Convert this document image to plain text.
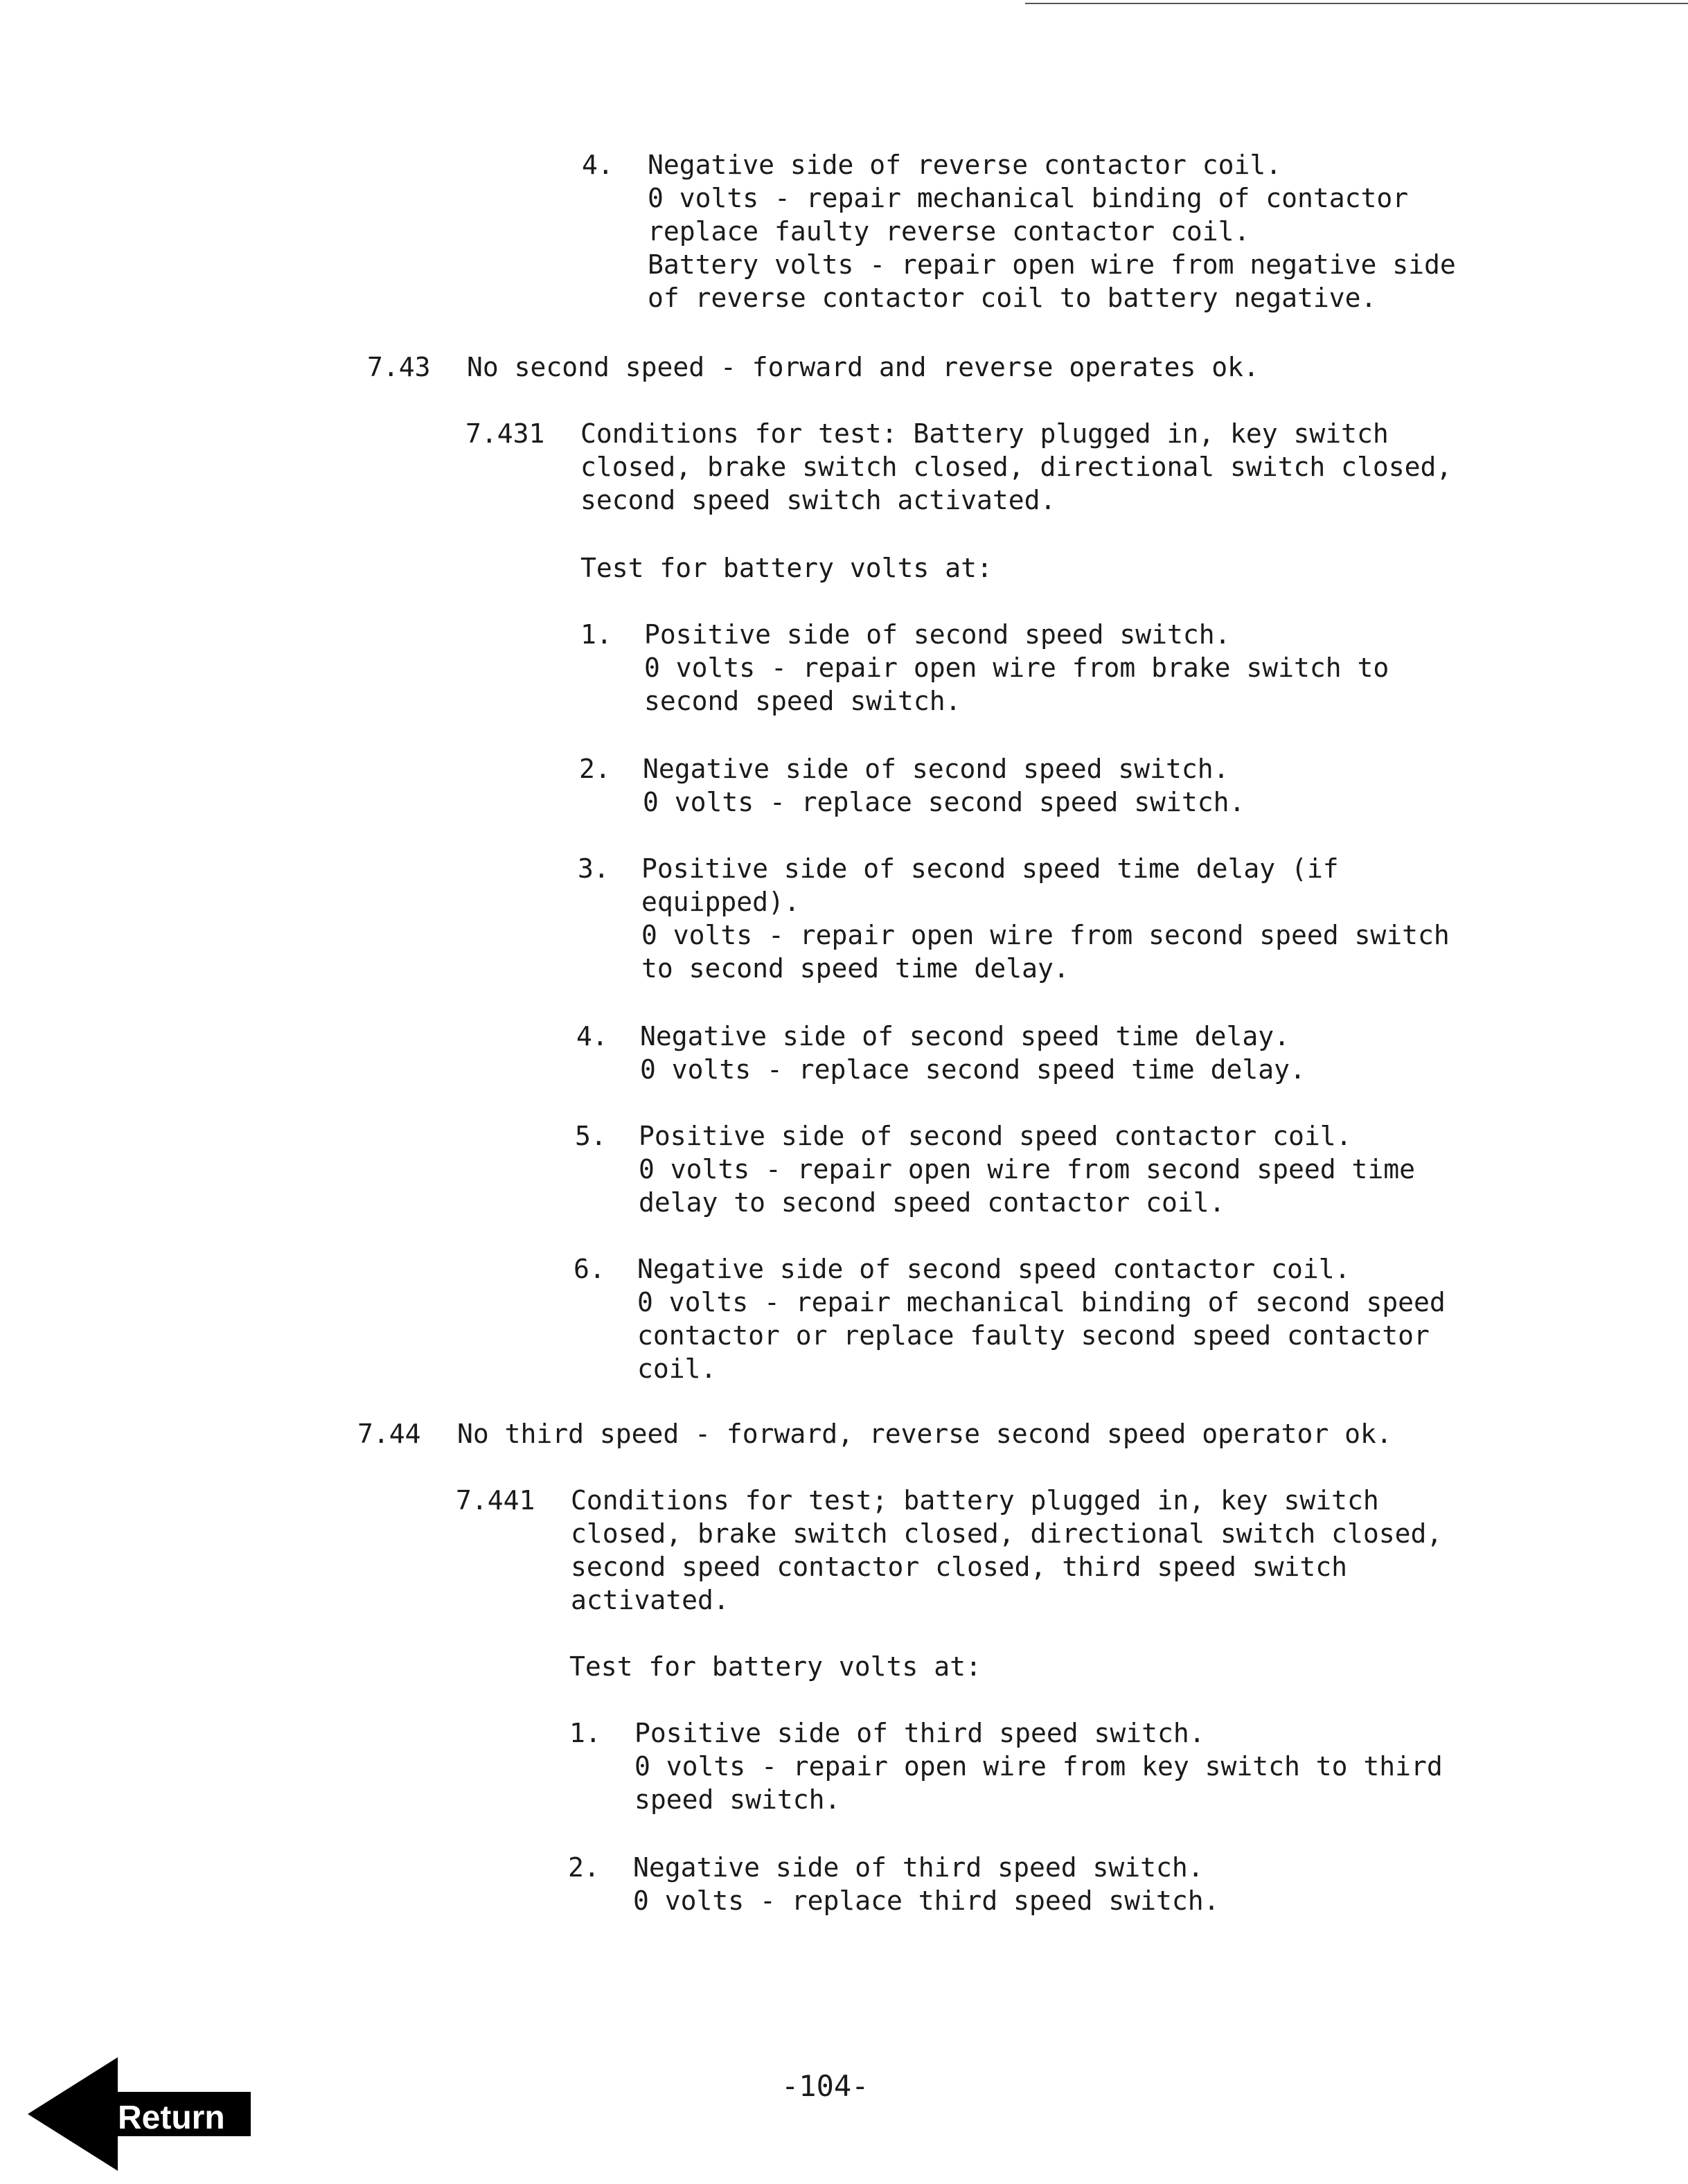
4. Negative side of reverse contactor coil.
0 volts - repair mechanical binding of contactor
replace faulty reverse contactor coil.
Battery volts - repair open wire from negative side
of reverse contactor coil to battery negative.
7.43 No second speed - forward and reverse operates ok.
7.431 Conditions for test: Battery plugged in, key switch
closed, brake switch closed, directional switch closed,
second speed switch activated.
Test for battery volts at:
1. Positive side of second speed switch.
0 volts - repair open wire from brake switch to
second speed switch.
2. Negative side of second speed switch.
0 volts - replace second speed switch.
3. Positive side of second speed time delay (if
equipped).
0 volts - repair open wire from second speed switch
to second speed time delay.
4. Negative side of second speed time delay.
0 volts - replace second speed time delay.
5. Positive side of second speed contactor coil.
0 volts - repair open wire from second speed time
delay to second speed contactor coil.
6. Negative side of second speed contactor coil.
0 volts - repair mechanical binding of second speed
contactor or replace faulty second speed contactor
coil.
7.44 No third speed - forward, reverse second speed operator ok.
7.441 Conditions for test; battery plugged in, key switch
closed, brake switch closed, directional switch closed,
second speed contactor closed, third speed switch
activated.
Test for battery volts at:
1. Positive side of third speed switch.
0 volts - repair open wire from key switch to third
speed switch.
2. Negative side of third speed switch.
0 volts - replace third speed switch.
-104-
Return
